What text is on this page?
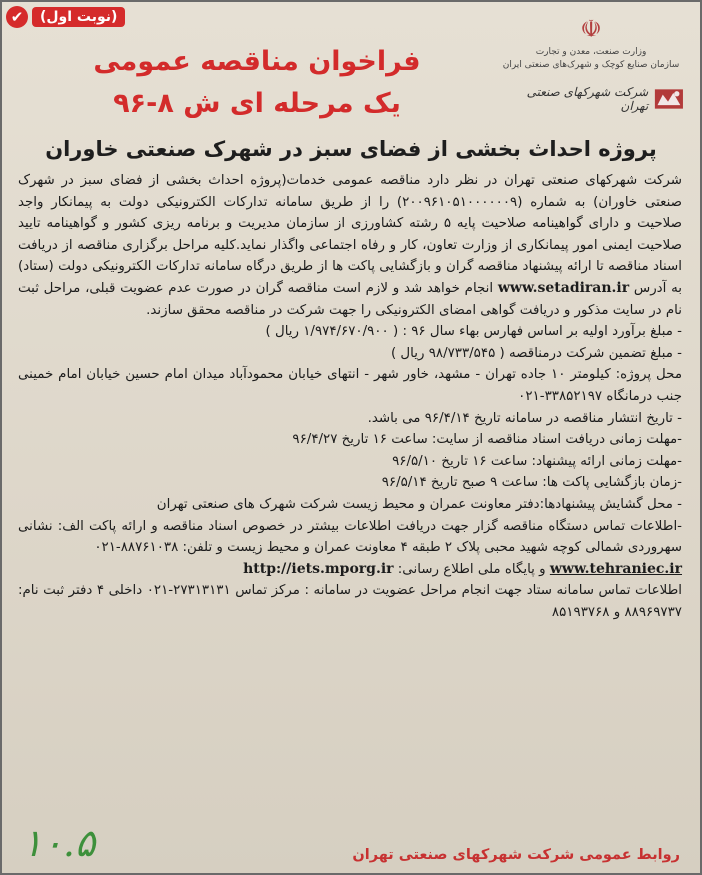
✔	(نوبت اول)	☫
وزارت صنعت، معدن و تجارت
سازمان صنایع کوچک و شهرک‌های صنعتی ایران
شرکت شهرکهای صنعتی تهران
فراخوان مناقصه عمومی
یک مرحله ای ش ۸-۹۶
پروژه احداث بخشی از فضای سبز در شهرک صنعتی خاوران

شرکت شهرکهای صنعتی تهران در نظر دارد مناقصه عمومی خدمات(پروژه احداث بخشی از فضای سبز در شهرک صنعتی خاوران) به شماره (۲۰۰۹۶۱۰۵۱۰۰۰۰۰۰۹) را از طریق سامانه تدارکات الکترونیکی دولت به پیمانکار واجد صلاحیت و دارای گواهینامه صلاحیت پایه ۵ رشته کشاورزی از سازمان مدیریت و برنامه ریزی کشور و گواهینامه تایید صلاحیت ایمنی امور پیمانکاری از وزارت تعاون، کار و رفاه اجتماعی واگذار نماید.کلیه مراحل برگزاری مناقصه از دریافت اسناد مناقصه تا ارائه پیشنهاد مناقصه گران و بازگشایی پاکت ها از طریق درگاه سامانه تدارکات الکترونیکی دولت (ستاد) به آدرس www.setadiran.ir انجام خواهد شد و لازم است مناقصه گران در صورت عدم عضویت قبلی، مراحل ثبت نام در سایت مذکور و دریافت گواهی امضای الکترونیکی را جهت شرکت در مناقصه محقق سازند.

- مبلغ برآورد اولیه بر اساس فهارس بهاء سال ۹۶ : ( ۱/۹۷۴/۶۷۰/۹۰۰ ریال )

- مبلغ تضمین شرکت درمناقصه ( ۹۸/۷۳۳/۵۴۵ ریال )

محل پروژه: کیلومتر ۱۰ جاده تهران - مشهد، خاور شهر - انتهای خیابان محمودآباد میدان امام حسین خیابان امام خمینی جنب درمانگاه ۳۳۸۵۲۱۹۷-۰۲۱

- تاریخ انتشار مناقصه در سامانه تاریخ ۹۶/۴/۱۴ می باشد.

-مهلت زمانی دریافت اسناد مناقصه از سایت: ساعت ۱۶ تاریخ ۹۶/۴/۲۷

-مهلت زمانی ارائه پیشنهاد: ساعت ۱۶ تاریخ ۹۶/۵/۱۰

-زمان بازگشایی پاکت ها: ساعت ۹ صبح تاریخ ۹۶/۵/۱۴

- محل گشایش پیشنهادها:دفتر معاونت عمران و محیط زیست شرکت شهرک های صنعتی تهران

-اطلاعات تماس دستگاه مناقصه گزار جهت دریافت اطلاعات بیشتر در خصوص اسناد مناقصه و ارائه پاکت الف: نشانی سهروردی شمالی کوچه شهید محبی پلاک ۲ طبقه ۴ معاونت عمران و محیط زیست و تلفن: ۸۸۷۶۱۰۳۸-۰۲۱

www.tehraniec.ir و پایگاه ملی اطلاع رسانی: http://iets.mporg.ir

اطلاعات تماس سامانه ستاد جهت انجام مراحل عضویت در سامانه : مرکز تماس ۲۷۳۱۳۱۳۱-۰۲۱ داخلی ۴ دفتر ثبت نام: ۸۸۹۶۹۷۳۷ و ۸۵۱۹۳۷۶۸

روابط عمومی شرکت شهرکهای صنعتی تهران
۱۰.۵
